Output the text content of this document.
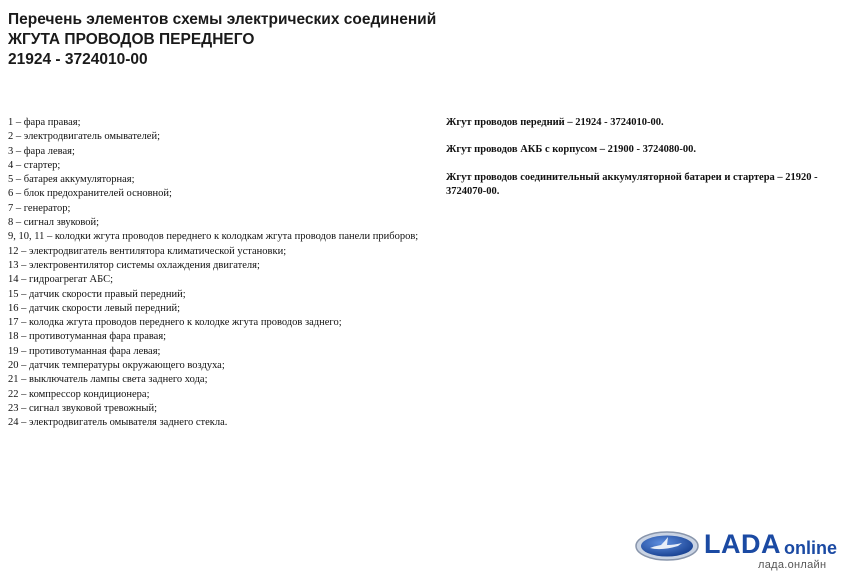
Перечень элементов схемы электрических соединений
ЖГУТА ПРОВОДОВ ПЕРЕДНЕГО
21924 - 3724010-00
1 – фара правая;
2 – электродвигатель омывателей;
3 – фара левая;
4 – стартер;
5 – батарея аккумуляторная;
6 – блок предохранителей основной;
7 – генератор;
8 – сигнал звуковой;
9, 10, 11 – колодки жгута проводов переднего к колодкам жгута проводов панели приборов;
12 – электродвигатель вентилятора климатической установки;
13 – электровентилятор системы охлаждения двигателя;
14 – гидроагрегат АБС;
15 – датчик скорости правый передний;
16 – датчик скорости левый передний;
17 – колодка жгута проводов переднего к колодке жгута проводов заднего;
18 – противотуманная фара правая;
19 – противотуманная фара левая;
20 – датчик температуры окружающего воздуха;
21 – выключатель лампы света заднего хода;
22 – компрессор кондиционера;
23 – сигнал звуковой тревожный;
24 – электродвигатель омывателя заднего стекла.
Жгут проводов передний – 21924 - 3724010-00.
Жгут проводов АКБ с корпусом – 21900 - 3724080-00.
Жгут проводов соединительный аккумуляторной батареи и стартера – 21920 - 3724070-00.
LADA online
лада.онлайн
